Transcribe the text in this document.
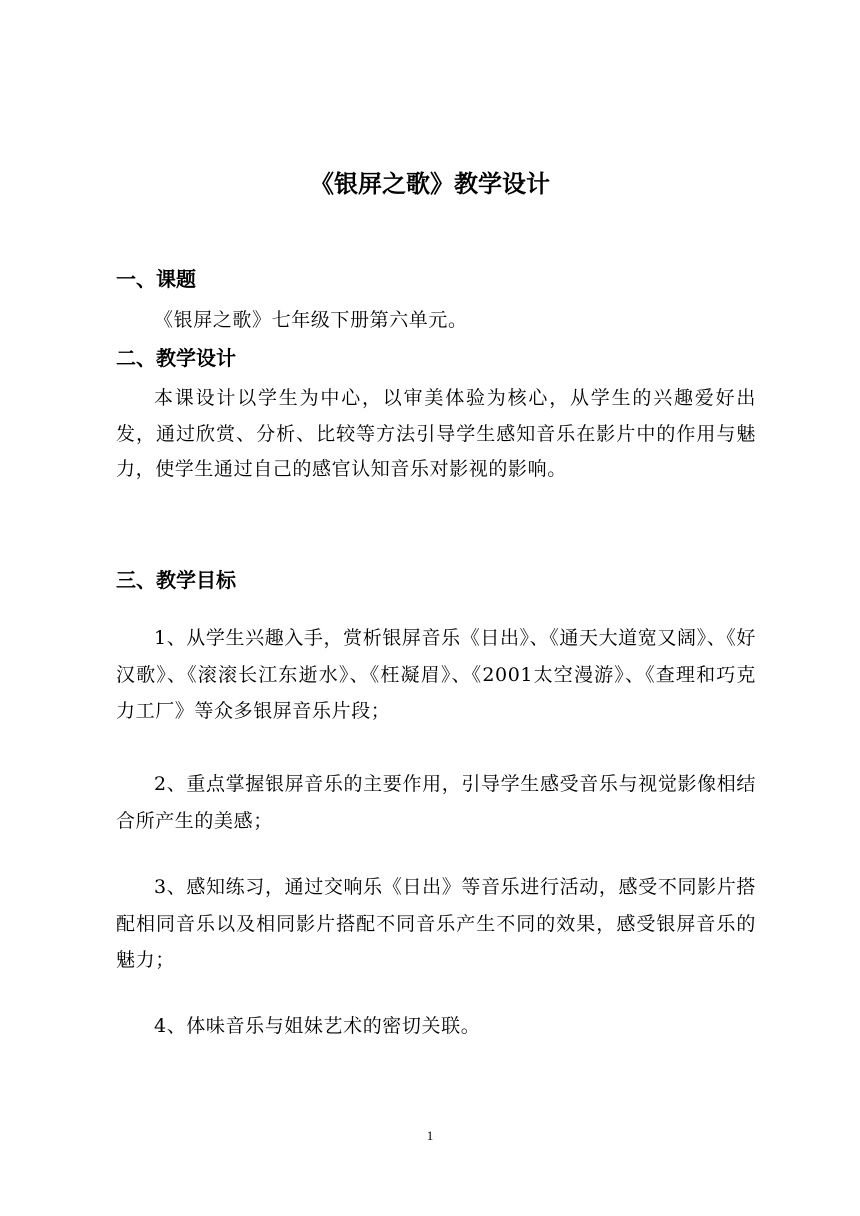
《银屏之歌》教学设计
一、课题

《银屏之歌》七年级下册第六单元。

二、教学设计

本课设计以学生为中心，以审美体验为核心，从学生的兴趣爱好出发，通过欣赏、分析、比较等方法引导学生感知音乐在影片中的作用与魅力，使学生通过自己的感官认知音乐对影视的影响。

三、教学目标

1、从学生兴趣入手，赏析银屏音乐《日出》、《通天大道宽又阔》、《好汉歌》、《滚滚长江东逝水》、《枉凝眉》、《2001太空漫游》、《查理和巧克力工厂》等众多银屏音乐片段；

2、重点掌握银屏音乐的主要作用，引导学生感受音乐与视觉影像相结合所产生的美感；

3、感知练习，通过交响乐《日出》等音乐进行活动，感受不同影片搭配相同音乐以及相同影片搭配不同音乐产生不同的效果，感受银屏音乐的魅力；

4、体味音乐与姐妹艺术的密切关联。

1
